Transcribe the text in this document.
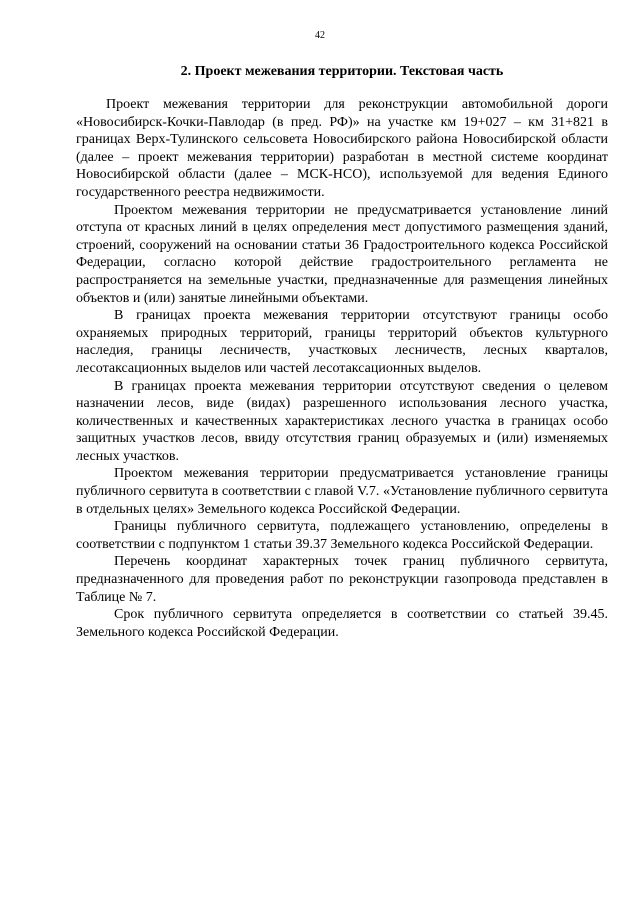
42
2. Проект межевания территории. Текстовая часть

Проект межевания территории для реконструкции автомобильной дороги «Новосибирск-Кочки-Павлодар (в пред. РФ)» на участке км 19+027 – км 31+821 в границах Верх-Тулинского сельсовета Новосибирского района Новосибирской области (далее – проект межевания территории) разработан в местной системе координат Новосибирской области (далее – МСК-НСО), используемой для ведения Единого государственного реестра недвижимости.

Проектом межевания территории не предусматривается установление линий отступа от красных линий в целях определения мест допустимого размещения зданий, строений, сооружений на основании статьи 36 Градостроительного кодекса Российской Федерации, согласно которой действие градостроительного регламента не распространяется на земельные участки, предназначенные для размещения линейных объектов и (или) занятые линейными объектами.

В границах проекта межевания территории отсутствуют границы особо охраняемых природных территорий, границы территорий объектов культурного наследия, границы лесничеств, участковых лесничеств, лесных кварталов, лесотаксационных выделов или частей лесотаксационных выделов.

В границах проекта межевания территории отсутствуют сведения о целевом назначении лесов, виде (видах) разрешенного использования лесного участка, количественных и качественных характеристиках лесного участка в границах особо защитных участков лесов, ввиду отсутствия границ образуемых и (или) изменяемых лесных участков.

Проектом межевания территории предусматривается установление границы публичного сервитута в соответствии с главой V.7. «Установление публичного сервитута в отдельных целях» Земельного кодекса Российской Федерации.

Границы публичного сервитута, подлежащего установлению, определены в соответствии с подпунктом 1 статьи 39.37 Земельного кодекса Российской Федерации.

Перечень координат характерных точек границ публичного сервитута, предназначенного для проведения работ по реконструкции газопровода представлен в Таблице № 7.

Срок публичного сервитута определяется в соответствии со статьей 39.45. Земельного кодекса Российской Федерации.
